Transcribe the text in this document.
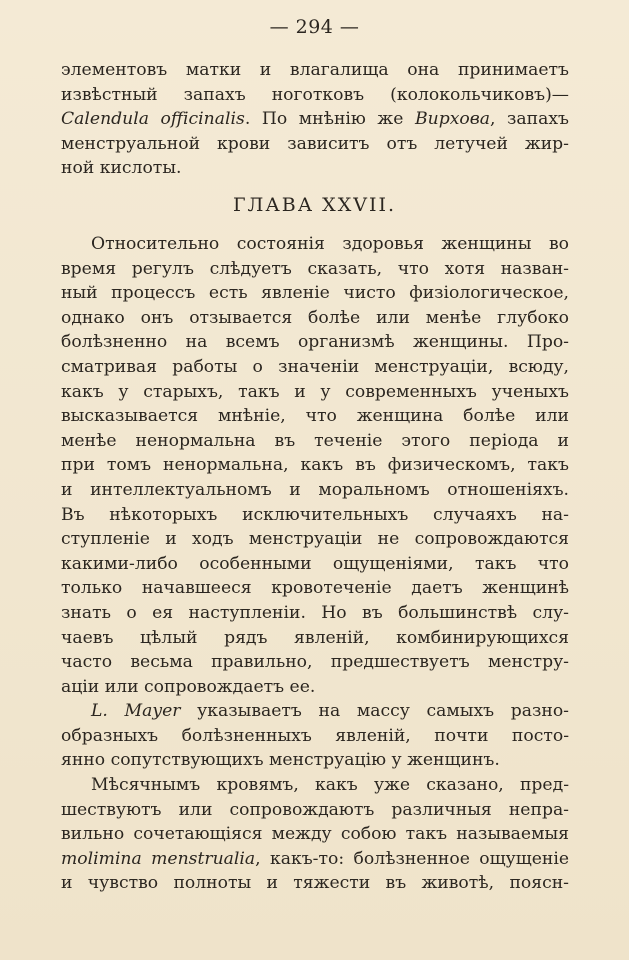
— 294 —
элементовъ матки и влагалища она принимаетъ
извѣстный запахъ ноготковъ (колокольчиковъ)—
Calendula officinalis. По мнѣнію же Вирхова, запахъ
менструальной крови зависитъ отъ летучей жир-
ной кислоты.
ГЛАВА XXVII.
Относительно состоянія здоровья женщины во
время регулъ слѣдуетъ сказать, что хотя назван-
ный процессъ есть явленіе чисто физіологическое,
однако онъ отзывается болѣе или менѣе глубоко
болѣзненно на всемъ организмѣ женщины. Про-
сматривая работы о значеніи менструаціи, всюду,
какъ у старыхъ, такъ и у современныхъ ученыхъ
высказывается мнѣніе, что женщина болѣе или
менѣе ненормальна въ теченіе этого періода и
при томъ ненормальна, какъ въ физическомъ, такъ
и интеллектуальномъ и моральномъ отношеніяхъ.
Въ нѣкоторыхъ исключительныхъ случаяхъ на-
ступленіе и ходъ менструаціи не сопровождаются
какими-либо особенными ощущеніями, такъ что
только начавшееся кровотеченіе даетъ женщинѣ
знать о ея наступленіи. Но въ большинствѣ слу-
чаевъ цѣлый рядъ явленій, комбинирующихся
часто весьма правильно, предшествуетъ менстру-
аціи или сопровождаетъ ее.
L. Mayer указываетъ на массу самыхъ разно-
образныхъ болѣзненныхъ явленій, почти посто-
янно сопутствующихъ менструацію у женщинъ.
Мѣсячнымъ кровямъ, какъ уже сказано, пред-
шествуютъ или сопровождаютъ различныя непра-
вильно сочетающіяся между собою такъ называемыя
molimina menstrualia, какъ-то: болѣзненное ощущеніе
и чувство полноты и тяжести въ животѣ, поясн-
